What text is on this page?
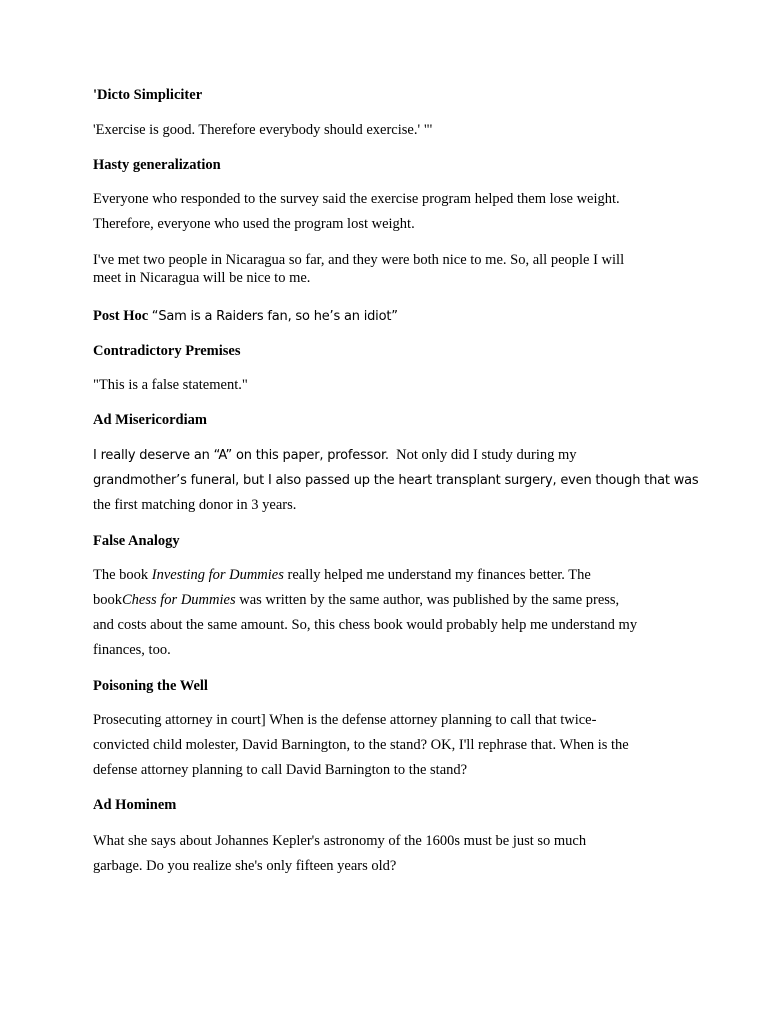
'Dicto Simpliciter
'Exercise is good. Therefore everybody should exercise.' "'
Hasty generalization
Everyone who responded to the survey said the exercise program helped them lose weight.
Therefore, everyone who used the program lost weight.
I've met two people in Nicaragua so far, and they were both nice to me. So, all people I will
meet in Nicaragua will be nice to me.
Post Hoc “Sam is a Raiders fan, so he’s an idiot”
Contradictory Premises
"This is a false statement."
Ad Misericordiam
I really deserve an “A” on this paper, professor.  Not only did I study during my
grandmother’s funeral, but I also passed up the heart transplant surgery, even though that was
the first matching donor in 3 years.
False Analogy
The book Investing for Dummies really helped me understand my finances better. The
bookChess for Dummies was written by the same author, was published by the same press,
and costs about the same amount. So, this chess book would probably help me understand my
finances, too.
Poisoning the Well
Prosecuting attorney in court] When is the defense attorney planning to call that twice-
convicted child molester, David Barnington, to the stand? OK, I'll rephrase that. When is the
defense attorney planning to call David Barnington to the stand?
Ad Hominem
What she says about Johannes Kepler's astronomy of the 1600s must be just so much
garbage. Do you realize she's only fifteen years old?
